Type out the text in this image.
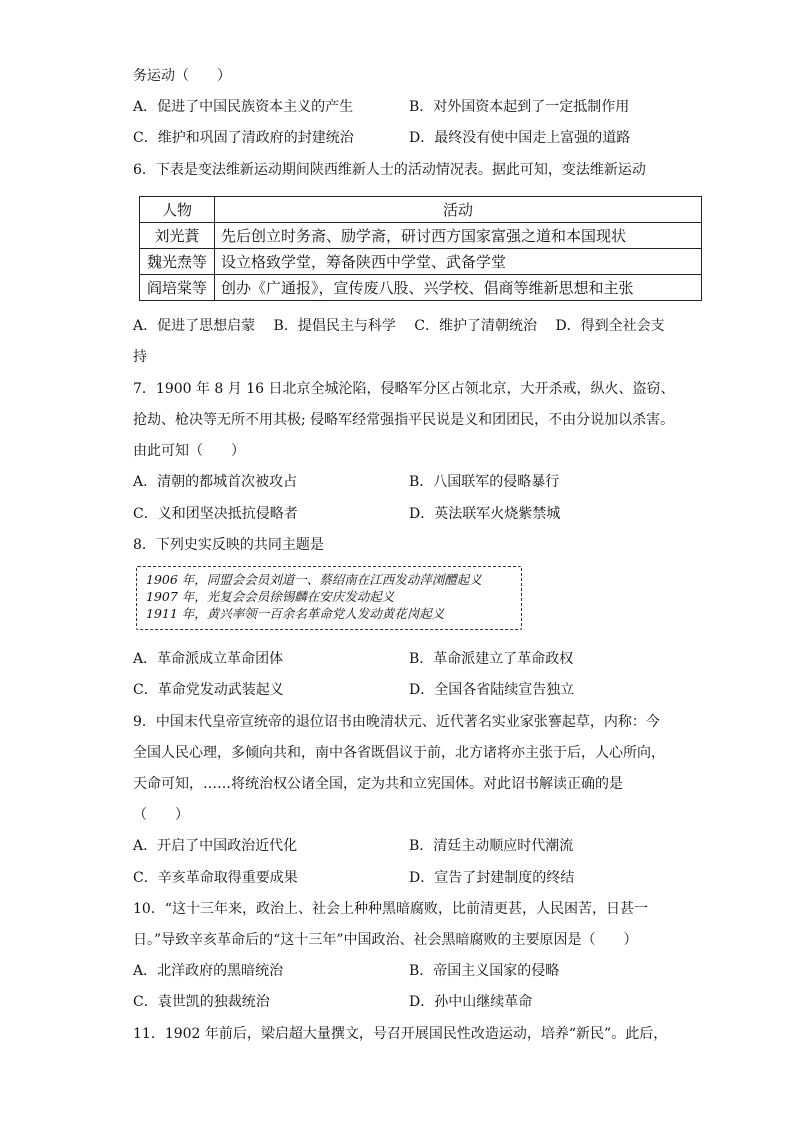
务运动（　　）
A．促进了中国民族资本主义的产生	B．对外国资本起到了一定抵制作用
C．维护和巩固了清政府的封建统治	D．最终没有使中国走上富强的道路
6．下表是变法维新运动期间陕西维新人士的活动情况表。据此可知，变法维新运动
人物	活动
刘光蕡	先后创立时务斋、励学斋，研讨西方国家富强之道和本国现状
魏光焘等	设立格致学堂，筹备陕西中学堂、武备学堂
阎培棠等	创办《广通报》，宣传废八股、兴学校、倡商等维新思想和主张
A．促进了思想启蒙　 B．提倡民主与科学　 C．维护了清朝统治　 D．得到全社会支
持
7．1900 年 8 月 16 日北京全城沦陷，侵略军分区占领北京，大开杀戒，纵火、盗窃、
抢劫、枪决等无所不用其极; 侵略军经常强指平民说是义和团团民，不由分说加以杀害。
由此可知（　　）
A．清朝的都城首次被攻占	B．八国联军的侵略暴行
C．义和团坚决抵抗侵略者	D．英法联军火烧紫禁城
8．下列史实反映的共同主题是
1906 年，同盟会会员刘道一、蔡绍南在江西发动萍浏醴起义
1907 年，光复会会员徐锡麟在安庆发动起义
1911 年，黄兴率领一百余名革命党人发动黄花岗起义
A．革命派成立革命团体	B．革命派建立了革命政权
C．革命党发动武装起义	D．全国各省陆续宣告独立
9．中国末代皇帝宣统帝的退位诏书由晚清状元、近代著名实业家张謇起草，内称：今
全国人民心理，多倾向共和，南中各省既倡议于前，北方诸将亦主张于后，人心所向，
天命可知，……将统治权公诸全国，定为共和立宪国体。对此诏书解读正确的是
（　　）
A．开启了中国政治近代化	B．清廷主动顺应时代潮流
C．辛亥革命取得重要成果	D．宣告了封建制度的终结
10．“这十三年来，政治上、社会上种种黑暗腐败，比前清更甚，人民困苦，日甚一
日。”导致辛亥革命后的“这十三年”中国政治、社会黑暗腐败的主要原因是（　　）
A．北洋政府的黑暗统治	B．帝国主义国家的侵略
C．袁世凯的独裁统治	D．孙中山继续革命
11．1902 年前后，梁启超大量撰文，号召开展国民性改造运动，培养“新民”。此后，
